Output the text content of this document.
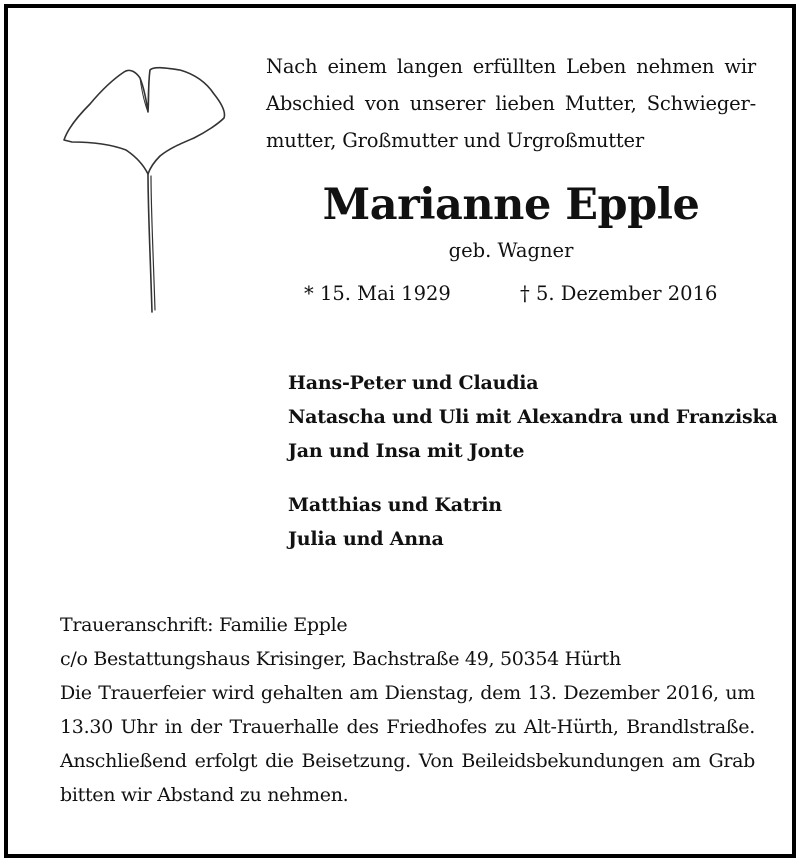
Nach einem langen erfüllten Leben nehmen wir
Abschied von unserer lieben Mutter, Schwieger-
mutter, Großmutter und Urgroßmutter
Marianne Epple
geb. Wagner
* 15. Mai 1929	† 5. Dezember 2016
Hans-Peter und Claudia
Natascha und Uli mit Alexandra und Franziska
Jan und Insa mit Jonte
Matthias und Katrin
Julia und Anna
Traueranschrift: Familie Epple
c/o Bestattungshaus Krisinger, Bachstraße 49, 50354 Hürth
Die Trauerfeier wird gehalten am Dienstag, dem 13. Dezember 2016, um
13.30 Uhr in der Trauerhalle des Friedhofes zu Alt-Hürth, Brandlstraße.
Anschließend erfolgt die Beisetzung. Von Beileidsbekundungen am Grab
bitten wir Abstand zu nehmen.
